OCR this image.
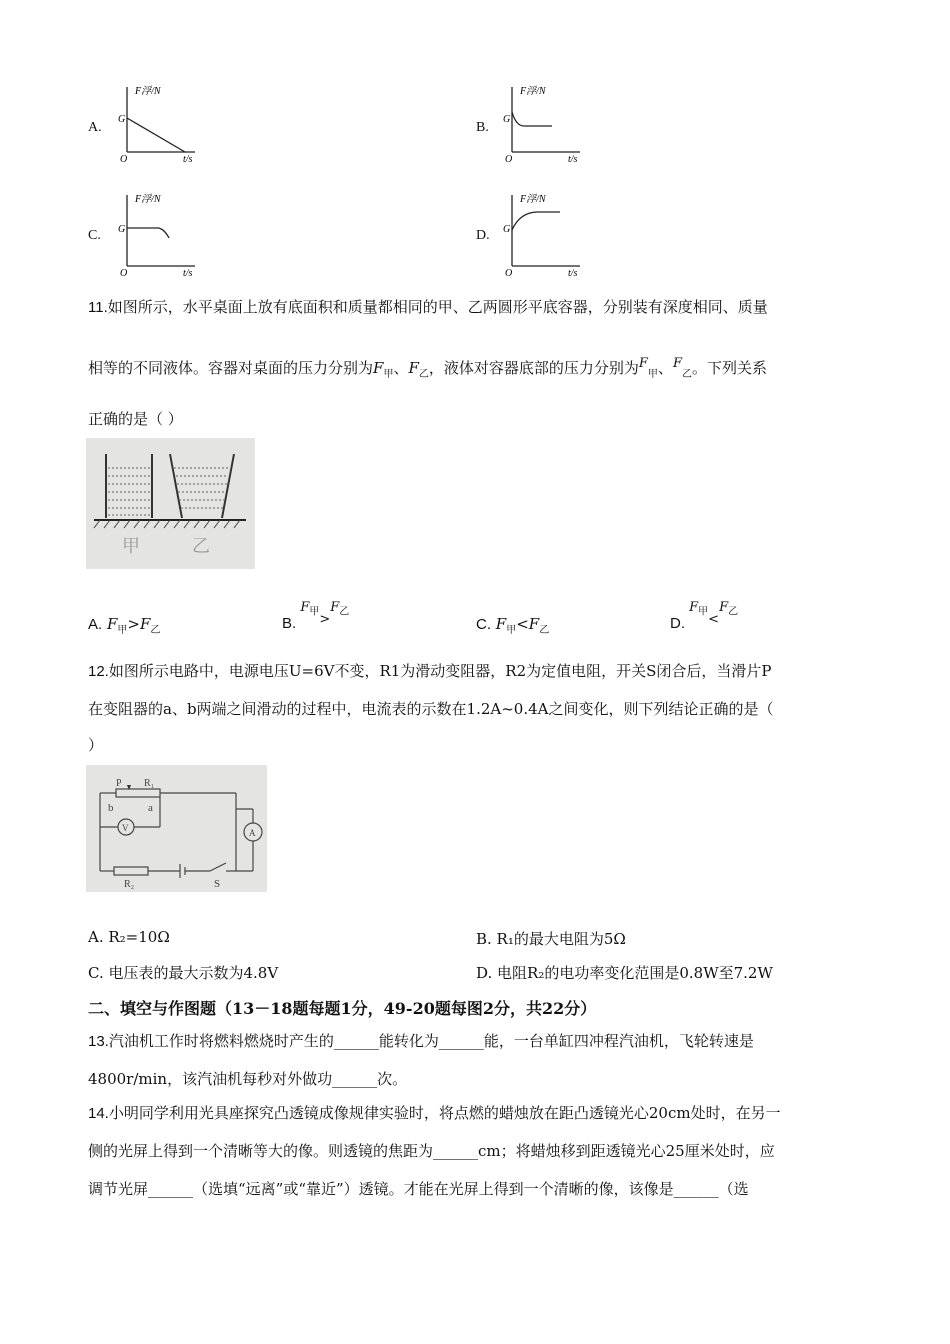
A.
F浮/N
G
O	t/s
B.
F浮/N
G
O	t/s
C.
F浮/N
G
O	t/s
D.
F浮/N
G
O	t/s
11.如图所示，水平桌面上放有底面积和质量都相同的甲、乙两圆形平底容器，分别装有深度相同、质量
相等的不同液体。容器对桌面的压力分别为$F_甲$、$F_乙$，液体对容器底部的压力分别为$F_甲$、$F_乙$。下列关系
正确的是（ ）
甲	乙
A. $F_甲>F_乙$	B. $F_甲>F_乙$
C. $F_甲<F_乙$	D. $F_甲<F_乙$
12.如图所示电路中，电源电压U=6V不变，R1为滑动变阻器，R2为定值电阻，开关S闭合后，当滑片P
在变阻器的a、b两端之间滑动的过程中，电流表的示数在1.2A~0.4A之间变化，则下列结论正确的是（
）
P R₁
b	a
V	A
R₂	S
A. R₂=10Ω	B. R₁的最大电阻为5Ω
C. 电压表的最大示数为4.8V	D. 电阻R₂的电功率变化范围是0.8W至7.2W
二、填空与作图题（13－18题每题1分，49-20题每图2分，共22分）
13.汽油机工作时将燃料燃烧时产生的______能转化为______能，一台单缸四冲程汽油机，飞轮转速是
4800r/min，该汽油机每秒对外做功______次。
14.小明同学利用光具座探究凸透镜成像规律实验时，将点燃的蜡烛放在距凸透镜光心20cm处时，在另一
侧的光屏上得到一个清晰等大的像。则透镜的焦距为______cm；将蜡烛移到距透镜光心25厘米处时，应
调节光屏______（选填“远离”或“靠近”）透镜。才能在光屏上得到一个清晰的像，该像是______（选
